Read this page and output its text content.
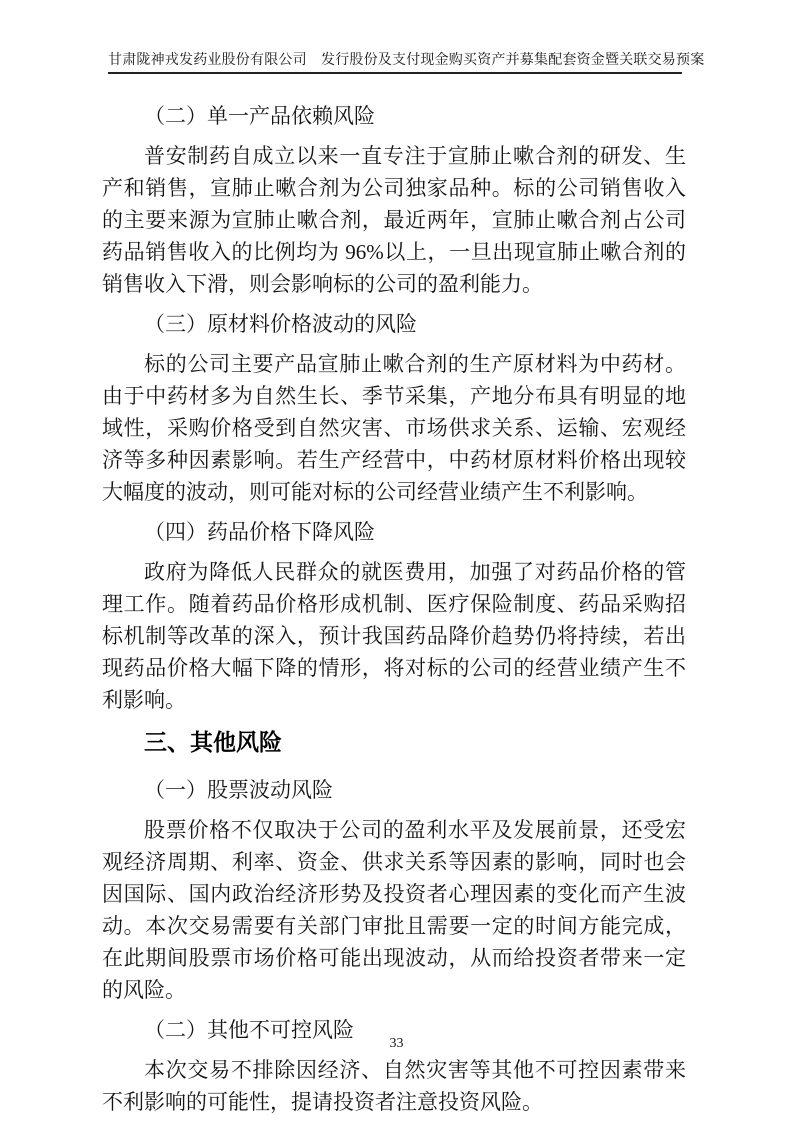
甘肃陇神戎发药业股份有限公司　发行股份及支付现金购买资产并募集配套资金暨关联交易预案
（二）单一产品依赖风险

普安制药自成立以来一直专注于宣肺止嗽合剂的研发、生产和销售，宣肺止嗽合剂为公司独家品种。标的公司销售收入的主要来源为宣肺止嗽合剂，最近两年，宣肺止嗽合剂占公司药品销售收入的比例均为 96%以上，一旦出现宣肺止嗽合剂的销售收入下滑，则会影响标的公司的盈利能力。

（三）原材料价格波动的风险

标的公司主要产品宣肺止嗽合剂的生产原材料为中药材。由于中药材多为自然生长、季节采集，产地分布具有明显的地域性，采购价格受到自然灾害、市场供求关系、运输、宏观经济等多种因素影响。若生产经营中，中药材原材料价格出现较大幅度的波动，则可能对标的公司经营业绩产生不利影响。

（四）药品价格下降风险

政府为降低人民群众的就医费用，加强了对药品价格的管理工作。随着药品价格形成机制、医疗保险制度、药品采购招标机制等改革的深入，预计我国药品降价趋势仍将持续，若出现药品价格大幅下降的情形，将对标的公司的经营业绩产生不利影响。

三、其他风险
（一）股票波动风险

股票价格不仅取决于公司的盈利水平及发展前景，还受宏观经济周期、利率、资金、供求关系等因素的影响，同时也会因国际、国内政治经济形势及投资者心理因素的变化而产生波动。本次交易需要有关部门审批且需要一定的时间方能完成，在此期间股票市场价格可能出现波动，从而给投资者带来一定的风险。

（二）其他不可控风险

本次交易不排除因经济、自然灾害等其他不可控因素带来不利影响的可能性，提请投资者注意投资风险。

33
